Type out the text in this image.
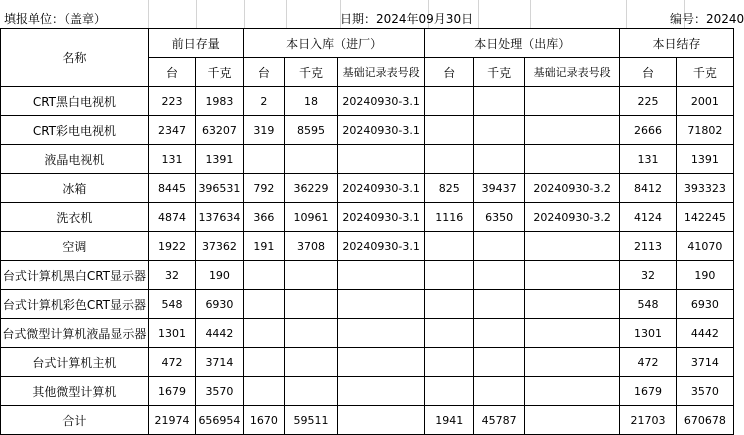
填报单位：（盖章）	日期：2024年09月30日	编号：20240
名称	前日存量		本日入库（进厂）			本日处理（出库）			本日结存	
	台	千克	台	千克	基础记录表号段	台	千克	基础记录表号段	台	千克
CRT黑白电视机	223	1983	2	18	20240930-3.1				225	2001
CRT彩电电视机	2347	63207	319	8595	20240930-3.1				2666	71802
液晶电视机	131	1391							131	1391
冰箱	8445	396531	792	36229	20240930-3.1	825	39437	20240930-3.2	8412	393323
洗衣机	4874	137634	366	10961	20240930-3.1	1116	6350	20240930-3.2	4124	142245
空调	1922	37362	191	3708	20240930-3.1				2113	41070
台式计算机黑白CRT显示器	32	190							32	190
台式计算机彩色CRT显示器	548	6930							548	6930
台式微型计算机液晶显示器	1301	4442							1301	4442
台式计算机主机	472	3714							472	3714
其他微型计算机	1679	3570							1679	3570
合计	21974	656954	1670	59511		1941	45787		21703	670678
